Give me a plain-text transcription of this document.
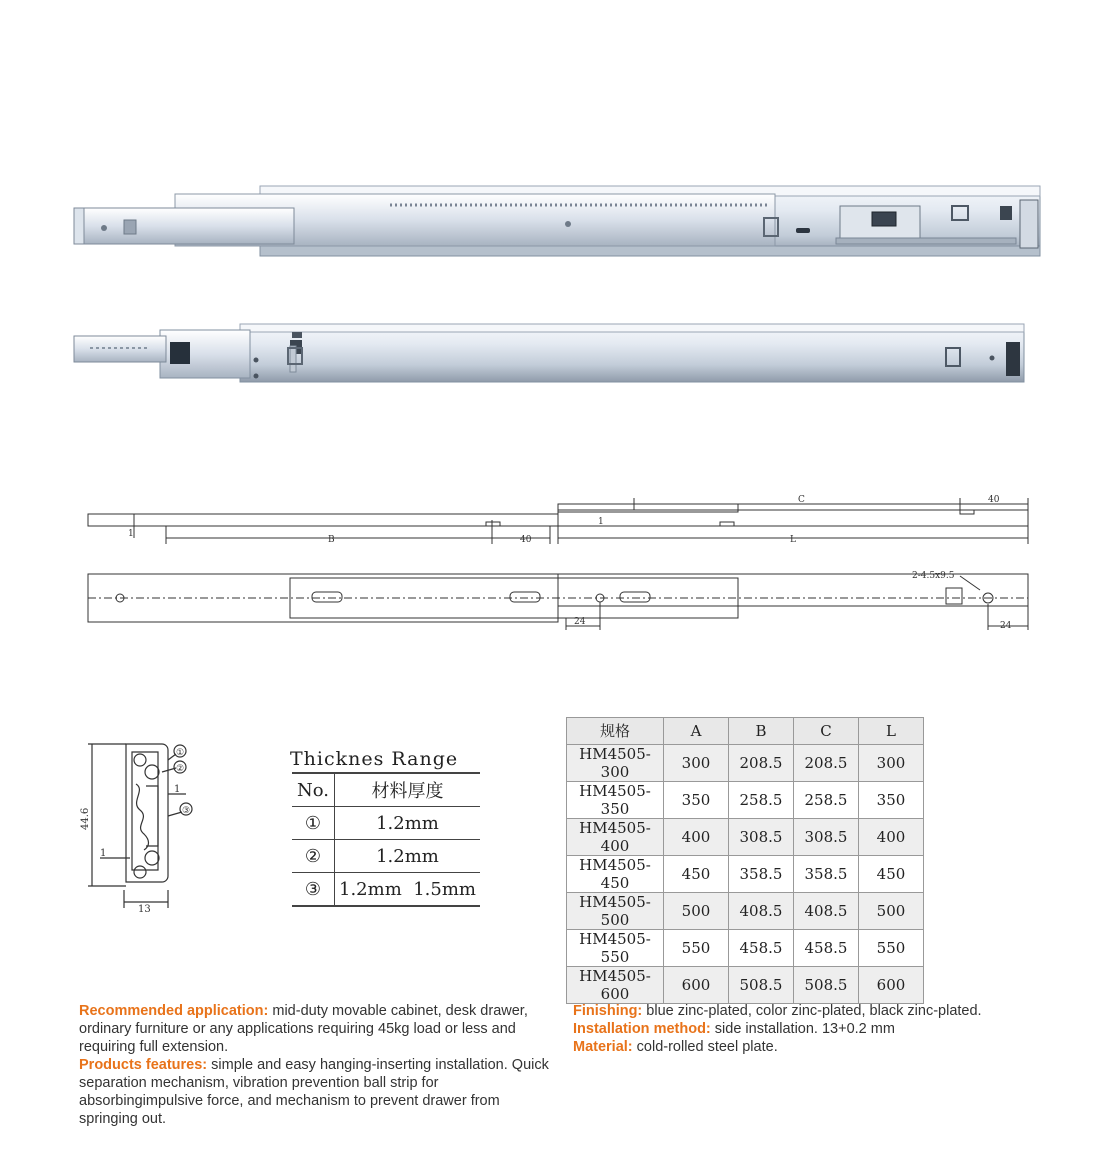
C	40
1
1
B	40	L
2-4.5x9.5
24	24
①
②
③
1
1
13
44.6
Thicknes Range
No.	材料厚度
①	1.2mm
②	1.2mm
③	1.2mm  1.5mm
规格	A	B	C	L
HM4505-300	300	208.5	208.5	300
HM4505-350	350	258.5	258.5	350
HM4505-400	400	308.5	308.5	400
HM4505-450	450	358.5	358.5	450
HM4505-500	500	408.5	408.5	500
HM4505-550	550	458.5	458.5	550
HM4505-600	600	508.5	508.5	600
Recommended application: mid-duty movable cabinet, desk drawer, ordinary furniture or any applications requiring 45kg load or less and requiring full extension.
Products features: simple and easy hanging-inserting installation. Quick separation mechanism, vibration prevention ball strip for absorbingimpulsive force, and mechanism to prevent drawer from springing out.
Finishing: blue zinc-plated, color zinc-plated, black zinc-plated.
Installation method: side installation. 13+0.2 mm
Material: cold-rolled steel plate.
